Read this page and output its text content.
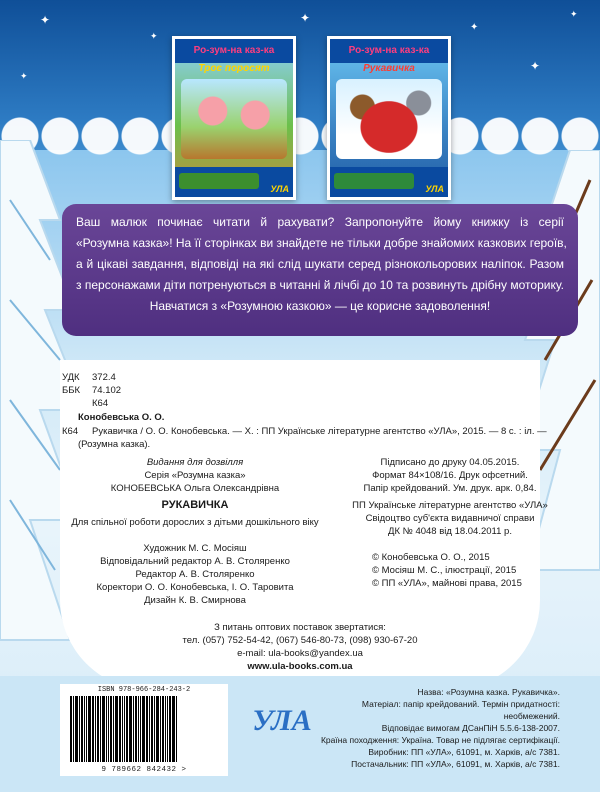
✦
✦
✦
✦
✦
✦
✦
Ро-зум-на каз-ка
Троє поросят
УЛА
Ро-зум-на каз-ка
Рукавичка
УЛА
Ваш малюк починає читати й рахувати? Запропонуйте йому книжку із серії
«Розумна казка»! На її сторінках ви знайдете не тільки добре знайомих казкових героїв,
а й цікаві завдання, відповіді на які слід шукати серед різнокольорових наліпок. Разом
з персонажами діти потренуються в читанні й лічбі до 10 та розвинуть дрібну моторику.
Навчатися з «Розумною казкою» — це корисне задоволення!
УДК 372.4
ББК 74.102
К64
Конобевська О. О.
К64 Рукавичка / О. О. Конобевська. — Х. : ПП Українське літературне агентство «УЛА», 2015. — 8 с. : іл. —
(Розумна казка).
Видання для дозвілля
Серія «Розумна казка»
КОНОБЕВСЬКА Ольга Олександрівна
РУКАВИЧКА
Для спільної роботи дорослих з дітьми дошкільного віку
Художник М. С. Мосіяш
Відповідальний редактор А. В. Столяренко
Редактор А. В. Столяренко
Коректори О. О. Конобевська, І. О. Таровита
Дизайн К. В. Смирнова
Підписано до друку 04.05.2015.
Формат 84×108/16. Друк офсетний.
Папір крейдований. Ум. друк. арк. 0,84.
ПП Українське літературне агентство «УЛА»
Свідоцтво суб'єкта видавничої справи
ДК № 4048 від 18.04.2011 р.
© Конобевська О. О., 2015
© Мосіяш М. С., ілюстрації, 2015
© ПП «УЛА», майнові права, 2015
З питань оптових поставок звертатися:
тел. (057) 752-54-42, (067) 546-80-73, (098) 930-67-20
e-mail: ula-books@yandex.ua
www.ula-books.com.ua
ISBN 978-966-284-243-2
9 789662 842432 >
УЛА
Назва: «Розумна казка. Рукавичка».
Матеріал: папір крейдований. Термін придатності: необмежений.
Відповідає вимогам ДСанПіН 5.5.6-138-2007.
Країна походження: Україна. Товар не підлягає сертифікації.
Виробник: ПП «УЛА», 61091, м. Харків, а/с 7381.
Постачальник: ПП «УЛА», 61091, м. Харків, а/с 7381.
